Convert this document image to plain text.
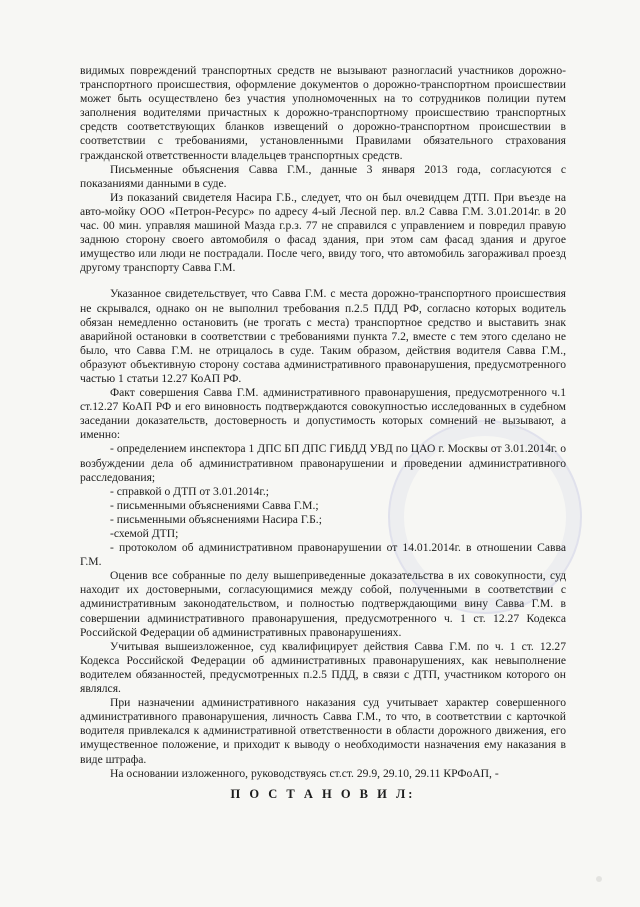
видимых повреждений транспортных средств не вызывают разногласий участников дорожно-транспортного происшествия, оформление документов о дорожно-транспортном происшествии может быть осуществлено без участия уполномоченных на то сотрудников полиции путем заполнения водителями причастных к дорожно-транспортному происшествию транспортных средств соответствующих бланков извещений о дорожно-транспортном происшествии в соответствии с требованиями, установленными Правилами обязательного страхования гражданской ответственности владельцев транспортных средств.

Письменные объяснения Савва Г.М., данные 3 января 2013 года, согласуются с показаниями данными в суде.

Из показаний свидетеля Насира Г.Б., следует, что он был очевидцем ДТП. При въезде на авто-мойку ООО «Петрон-Ресурс» по адресу 4-ый Лесной пер. вл.2 Савва Г.М. 3.01.2014г. в 20 час. 00 мин. управляя машиной Мазда г.р.з. 77 не справился с управлением и повредил правую заднюю сторону своего автомобиля о фасад здания, при этом сам фасад здания и другое имущество или люди не пострадали. После чего, ввиду того, что автомобиль загораживал проезд другому транспорту Савва Г.М.

Указанное свидетельствует, что Савва Г.М. с места дорожно-транспортного происшествия не скрывался, однако он не выполнил требования п.2.5 ПДД РФ, согласно которых водитель обязан немедленно остановить (не трогать с места) транспортное средство и выставить знак аварийной остановки в соответствии с требованиями пункта 7.2, вместе с тем этого сделано не было, что Савва Г.М. не отрицалось в суде. Таким образом, действия водителя Савва Г.М., образуют объективную сторону состава административного правонарушения, предусмотренного частью 1 статьи 12.27 КоАП РФ.

Факт совершения Савва Г.М. административного правонарушения, предусмотренного ч.1 ст.12.27 КоАП РФ и его виновность подтверждаются совокупностью исследованных в судебном заседании доказательств, достоверность и допустимость которых сомнений не вызывают, а именно:

- определением инспектора 1 ДПС БП ДПС ГИБДД УВД по ЦАО г. Москвы от 3.01.2014г. о возбуждении дела об административном правонарушении и проведении административного расследования;

- справкой о ДТП от 3.01.2014г.;

- письменными объяснениями Савва Г.М.;

- письменными объяснениями Насира Г.Б.;

-схемой ДТП;

- протоколом об административном правонарушении от 14.01.2014г. в отношении Савва Г.М.

Оценив все собранные по делу вышеприведенные доказательства в их совокупности, суд находит их достоверными, согласующимися между собой, полученными в соответствии с административным законодательством, и полностью подтверждающими вину Савва Г.М. в совершении административного правонарушения, предусмотренного ч. 1 ст. 12.27 Кодекса Российской Федерации об административных правонарушениях.

Учитывая вышеизложенное, суд квалифицирует действия Савва Г.М. по ч. 1 ст. 12.27 Кодекса Российской Федерации об административных правонарушениях, как невыполнение водителем обязанностей, предусмотренных п.2.5 ПДД, в связи с ДТП, участником которого он являлся.

При назначении административного наказания суд учитывает характер совершенного административного правонарушения, личность Савва Г.М., то что, в соответствии с карточкой водителя привлекался к административной ответственности в области дорожного движения, его имущественное положение, и приходит к выводу о необходимости назначения ему наказания в виде штрафа.

На основании изложенного, руководствуясь ст.ст. 29.9, 29.10, 29.11 КРФоАП, -

П О С Т А Н О В И Л:
